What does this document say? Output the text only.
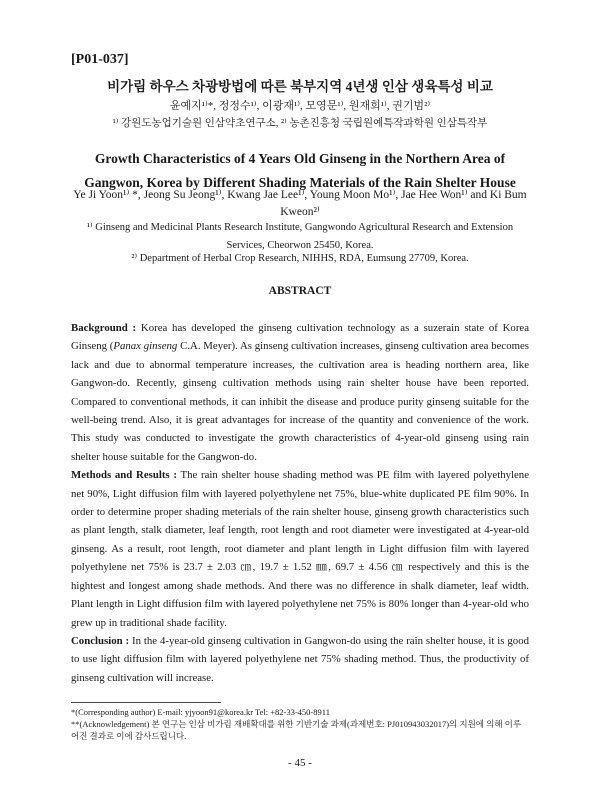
[P01-037]
비가림 하우스 차광방법에 따른 북부지역 4년생 인삼 생육특성 비교
윤예지¹⁾*, 정정수¹⁾, 이광재¹⁾, 모영문¹⁾, 원재희¹⁾, 권기범²⁾
¹⁾ 강원도농업기술원 인삼약초연구소, ²⁾ 농촌진흥청 국립원예특작과학원 인삼특작부
Growth Characteristics of 4 Years Old Ginseng in the Northern Area of
Gangwon, Korea by Different Shading Materials of the Rain Shelter House
Ye Ji Yoon¹⁾ *, Jeong Su Jeong¹⁾, Kwang Jae Lee¹⁾, Young Moon Mo¹⁾, Jae Hee Won¹⁾ and Ki Bum Kweon²⁾
¹⁾ Ginseng and Medicinal Plants Research Institute, Gangwondo Agricultural Research and Extension Services, Cheorwon 25450, Korea.
²⁾ Department of Herbal Crop Research, NIHHS, RDA, Eumsung 27709, Korea.
ABSTRACT

Background : Korea has developed the ginseng cultivation technology as a suzerain state of Korea Ginseng (Panax ginseng C.A. Meyer). As ginseng cultivation increases, ginseng cultivation area becomes lack and due to abnormal temperature increases, the cultivation area is heading northern area, like Gangwon-do. Recently, ginseng cultivation methods using rain shelter house have been reported. Compared to conventional methods, it can inhibit the disease and produce purity ginseng suitable for the well-being trend. Also, it is great advantages for increase of the quantity and convenience of the work. This study was conducted to investigate the growth characteristics of 4-year-old ginseng using rain shelter house suitable for the Gangwon-do.

Methods and Results : The rain shelter house shading method was PE film with layered polyethylene net 90%, Light diffusion film with layered polyethylene net 75%, blue-white duplicated PE film 90%. In order to determine proper shading meterials of the rain shelter house, ginseng growth characteristics such as plant length, stalk diameter, leaf length, root length and root diameter were investigated at 4-year-old ginseng. As a result, root length, root diameter and plant length in Light diffusion film with layered polyethylene net 75% is 23.7 ± 2.03 ㎝, 19.7 ± 1.52 ㎜, 69.7 ± 4.56 ㎝ respectively and this is the hightest and longest among shade methods. And there was no difference in shalk diameter, leaf width. Plant length in Light diffusion film with layered polyethylene net 75% is 80% longer than 4-year-old who grew up in traditional shade facility.

Conclusion : In the 4-year-old ginseng cultivation in Gangwon-do using the rain shelter house, it is good to use light diffusion film with layered polyethylene net 75% shading method. Thus, the productivity of ginseng cultivation will increase.

*(Corresponding author) E-mail: yjyoon91@korea.kr Tel: +82-33-450-8911
**(Acknowledgement) 본 연구는 인삼 비가림 재배확대를 위한 기반기술 과제(과제번호: PJ010943032017)의 지원에 의해 이루어진 결과로 이에 감사드립니다.
- 45 -
